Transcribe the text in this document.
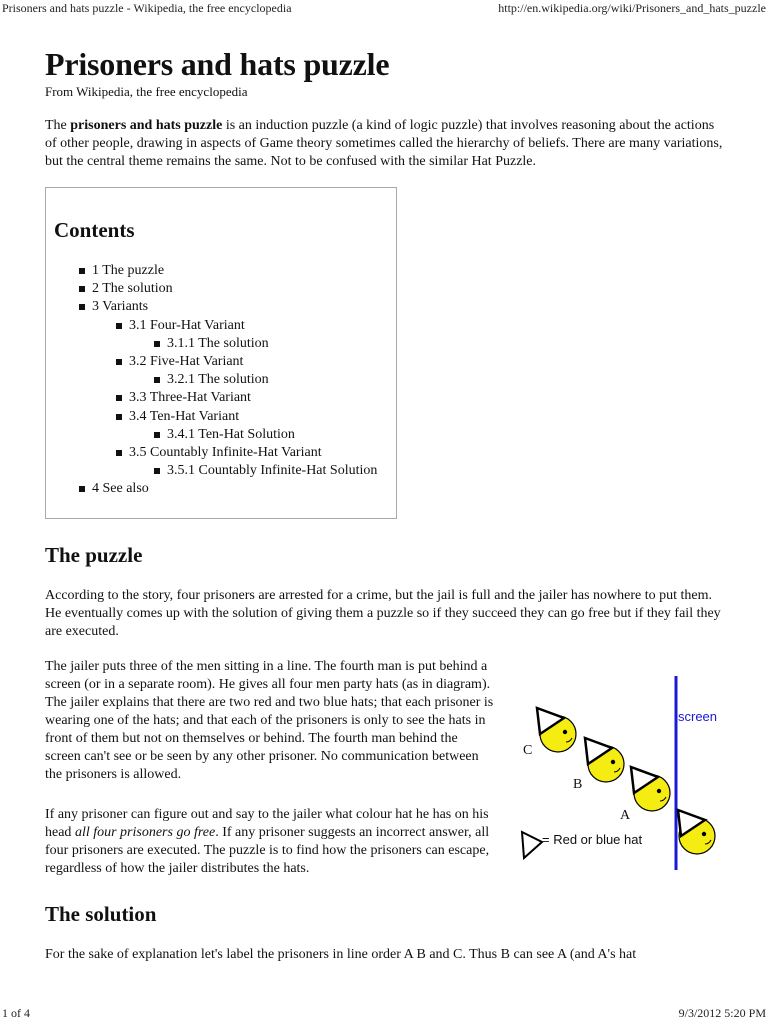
Prisoners and hats puzzle - Wikipedia, the free encyclopedia	http://en.wikipedia.org/wiki/Prisoners_and_hats_puzzle
Prisoners and hats puzzle
From Wikipedia, the free encyclopedia

The prisoners and hats puzzle is an induction puzzle (a kind of logic puzzle) that involves reasoning about the actions of other people, drawing in aspects of Game theory sometimes called the hierarchy of beliefs. There are many variations, but the central theme remains the same. Not to be confused with the similar Hat Puzzle.

Contents
1 The puzzle
2 The solution
3 Variants
3.1 Four-Hat Variant
3.1.1 The solution
3.2 Five-Hat Variant
3.2.1 The solution
3.3 Three-Hat Variant
3.4 Ten-Hat Variant
3.4.1 Ten-Hat Solution
3.5 Countably Infinite-Hat Variant
3.5.1 Countably Infinite-Hat Solution
4 See also
The puzzle

According to the story, four prisoners are arrested for a crime, but the jail is full and the jailer has nowhere to put them. He eventually comes up with the solution of giving them a puzzle so if they succeed they can go free but if they fail they are executed.

The jailer puts three of the men sitting in a line. The fourth man is put behind a screen (or in a separate room). He gives all four men party hats (as in diagram). The jailer explains that there are two red and two blue hats; that each prisoner is wearing one of the hats; and that each of the prisoners is only to see the hats in front of them but not on themselves or behind. The fourth man behind the screen can't see or be seen by any other prisoner. No communication between the prisoners is allowed.

If any prisoner can figure out and say to the jailer what colour hat he has on his head all four prisoners go free. If any prisoner suggests an incorrect answer, all four prisoners are executed. The puzzle is to find how the prisoners can escape, regardless of how the jailer distributes the hats.

screen
C
B
A
= Red or blue hat
The solution

For the sake of explanation let's label the prisoners in line order A B and C. Thus B can see A (and A's hat

1 of 4	9/3/2012 5:20 PM
